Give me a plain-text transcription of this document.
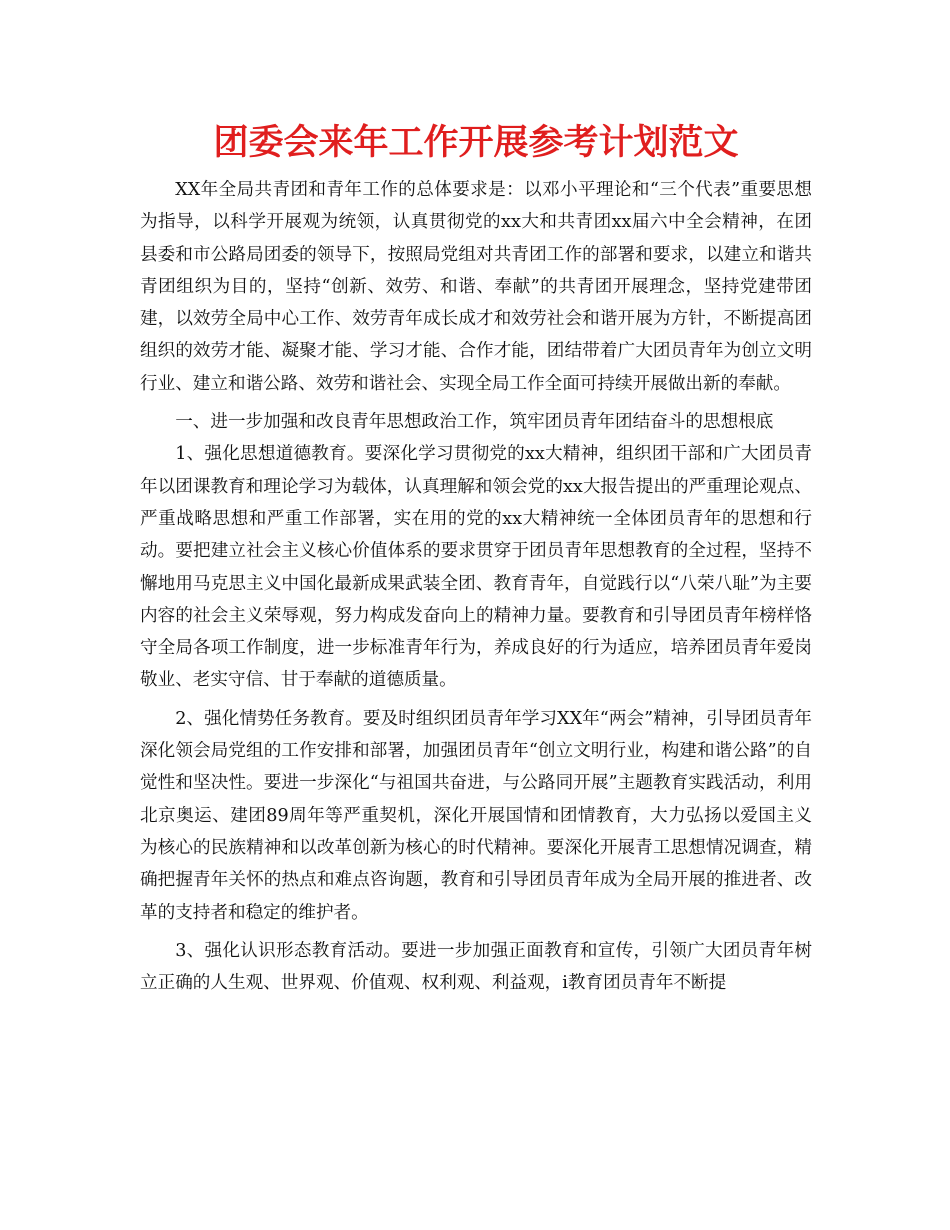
团委会来年工作开展参考计划范文

XX年全局共青团和青年工作的总体要求是：以邓小平理论和“三个代表”重要思想为指导，以科学开展观为统领，认真贯彻党的xx大和共青团xx届六中全会精神，在团县委和市公路局团委的领导下，按照局党组对共青团工作的部署和要求，以建立和谐共青团组织为目的，坚持“创新、效劳、和谐、奉献”的共青团开展理念，坚持党建带团建，以效劳全局中心工作、效劳青年成长成才和效劳社会和谐开展为方针，不断提高团组织的效劳才能、凝聚才能、学习才能、合作才能，团结带着广大团员青年为创立文明行业、建立和谐公路、效劳和谐社会、实现全局工作全面可持续开展做出新的奉献。

一、进一步加强和改良青年思想政治工作，筑牢团员青年团结奋斗的思想根底

1、强化思想道德教育。要深化学习贯彻党的xx大精神，组织团干部和广大团员青年以团课教育和理论学习为载体，认真理解和领会党的xx大报告提出的严重理论观点、严重战略思想和严重工作部署，实在用的党的xx大精神统一全体团员青年的思想和行动。要把建立社会主义核心价值体系的要求贯穿于团员青年思想教育的全过程，坚持不懈地用马克思主义中国化最新成果武装全团、教育青年，自觉践行以“八荣八耻”为主要内容的社会主义荣辱观，努力构成发奋向上的精神力量。要教育和引导团员青年榜样恪守全局各项工作制度，进一步标准青年行为，养成良好的行为适应，培养团员青年爱岗敬业、老实守信、甘于奉献的道德质量。

2、强化情势任务教育。要及时组织团员青年学习XX年“两会”精神，引导团员青年深化领会局党组的工作安排和部署，加强团员青年“创立文明行业，构建和谐公路”的自觉性和坚决性。要进一步深化“与祖国共奋进，与公路同开展”主题教育实践活动，利用北京奥运、建团89周年等严重契机，深化开展国情和团情教育，大力弘扬以爱国主义为核心的民族精神和以改革创新为核心的时代精神。要深化开展青工思想情况调查，精确把握青年关怀的热点和难点咨询题，教育和引导团员青年成为全局开展的推进者、改革的支持者和稳定的维护者。

3、强化认识形态教育活动。要进一步加强正面教育和宣传，引领广大团员青年树立正确的人生观、世界观、价值观、权利观、利益观，i教育团员青年不断提
